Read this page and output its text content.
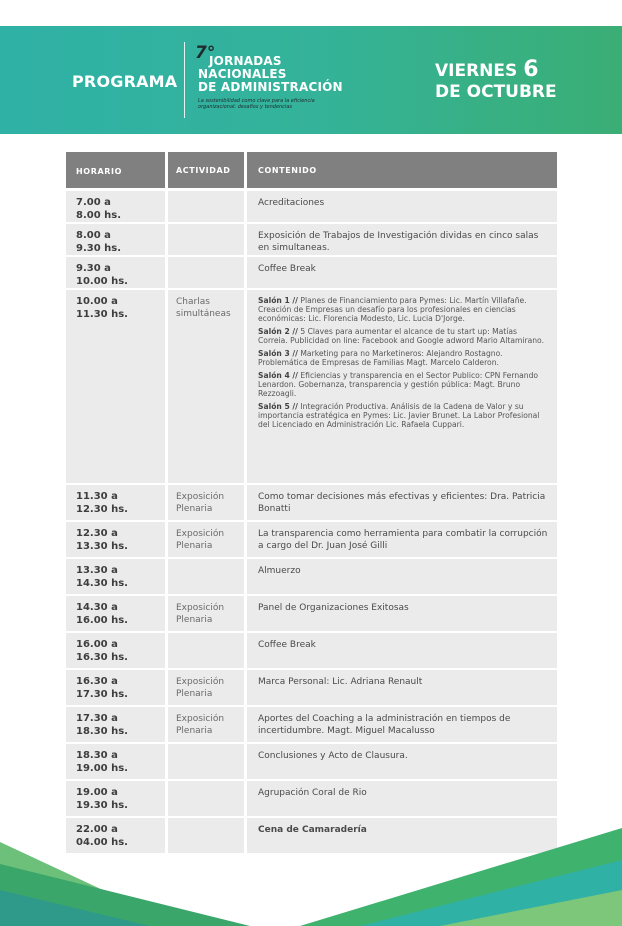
PROGRAMA
7°
JORNADAS
NACIONALES
DE ADMINISTRACIÓN
La sostenibilidad como clave para la eficiencia organizacional: desafíos y tendencias
VIERNES 6
DE OCTUBRE
HORARIO	ACTIVIDAD	CONTENIDO
7.00 a
8.00 hs.
Acreditaciones
8.00 a
9.30 hs.
Exposición de Trabajos de Investigación dividas en cinco salas en simultaneas.
9.30 a
10.00 hs.
Coffee Break
10.00 a
11.30 hs.
Charlas simultáneas

Salón 1 // Planes de Financiamiento para Pymes: Lic. Martín Villafañe. Creación de Empresas un desafío para los profesionales en ciencias económicas: Lic. Florencia Modesto, Lic. Lucia D'Jorge.

Salón 2 // 5 Claves para aumentar el alcance de tu start up: Matías Correia. Publicidad on line: Facebook and Google adword Mario Altamirano.

Salón 3 // Marketing para no Marketineros: Alejandro Rostagno. Problemática de Empresas de Familias Magt. Marcelo Calderon.

Salón 4 // Eficiencias y transparencia en el Sector Publico: CPN Fernando Lenardon. Gobernanza, transparencia y gestión pública: Magt. Bruno Rezzoagli.

Salón 5 // Integración Productiva. Análisis de la Cadena de Valor y su importancia estratégica en Pymes: Lic. Javier Brunet. La Labor Profesional del Licenciado en Administración Lic. Rafaela Cuppari.

11.30 a
12.30 hs.
Exposición Plenaria
Como tomar decisiones más efectivas y eficientes: Dra. Patricia Bonatti
12.30 a
13.30 hs.
Exposición Plenaria
La transparencia como herramienta para combatir la corrupción a cargo del Dr. Juan José Gilli
13.30 a
14.30 hs.
Almuerzo
14.30 a
16.00 hs.
Exposición Plenaria
Panel de Organizaciones Exitosas
16.00 a
16.30 hs.
Coffee Break
16.30 a
17.30 hs.
Exposición Plenaria
Marca Personal: Lic. Adriana Renault
17.30 a
18.30 hs.
Exposición Plenaria
Aportes del Coaching a la administración en tiempos de incertidumbre. Magt. Miguel Macalusso
18.30 a
19.00 hs.
Conclusiones y Acto de Clausura.
19.00 a
19.30 hs.
Agrupación Coral de Rio
22.00 a
04.00 hs.
Cena de Camaradería
